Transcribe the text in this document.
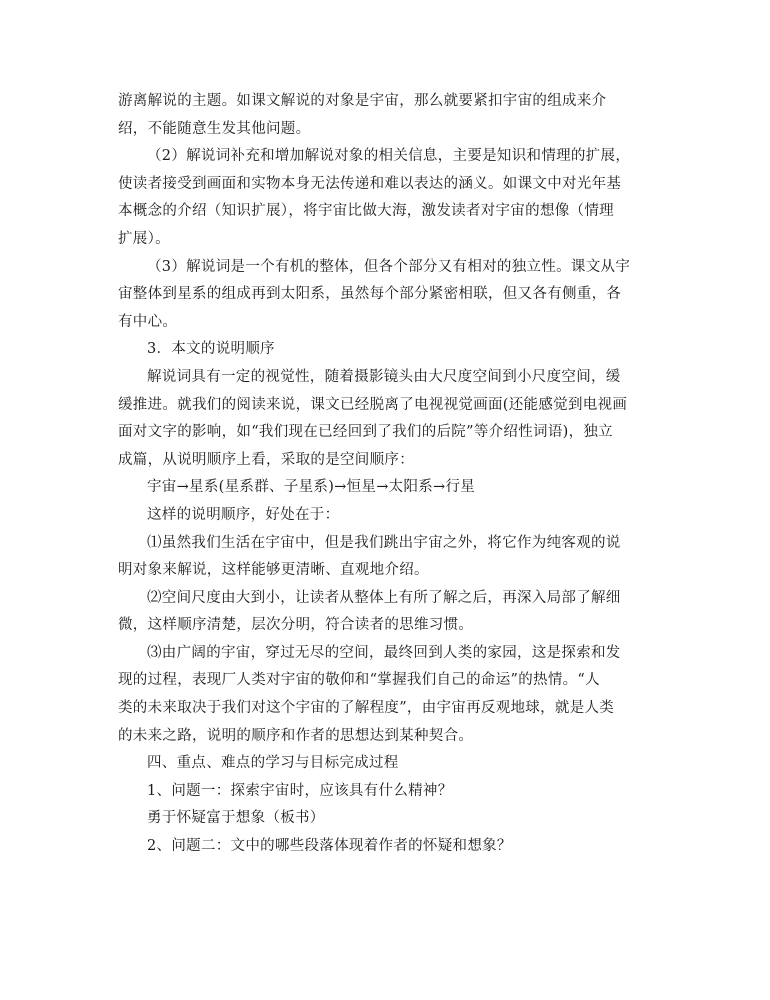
游离解说的主题。如课文解说的对象是宇宙，那么就要紧扣宇宙的组成来介
绍，不能随意生发其他问题。

（2）解说词补充和增加解说对象的相关信息，主要是知识和情理的扩展，
使读者接受到画面和实物本身无法传递和难以表达的涵义。如课文中对光年基
本概念的介绍（知识扩展），将宇宙比做大海，激发读者对宇宙的想像（情理
扩展）。

（3）解说词是一个有机的整体，但各个部分又有相对的独立性。课文从宇
宙整体到星系的组成再到太阳系，虽然每个部分紧密相联，但又各有侧重，各
有中心。

3．本文的说明顺序

解说词具有一定的视觉性，随着摄影镜头由大尺度空间到小尺度空间，缓
缓推进。就我们的阅读来说，课文已经脱离了电视视觉画面(还能感觉到电视画
面对文字的影响，如“我们现在已经回到了我们的后院”等介绍性词语)，独立
成篇，从说明顺序上看，采取的是空间顺序：

宇宙→星系(星系群、子星系)→恒星→太阳系→行星

这样的说明顺序，好处在于：

⑴虽然我们生活在宇宙中，但是我们跳出宇宙之外，将它作为纯客观的说
明对象来解说，这样能够更清晰、直观地介绍。

⑵空间尺度由大到小，让读者从整体上有所了解之后，再深入局部了解细
微，这样顺序清楚，层次分明，符合读者的思维习惯。

⑶由广阔的宇宙，穿过无尽的空间，最终回到人类的家园，这是探索和发
现的过程，表现厂人类对宇宙的敬仰和“掌握我们自己的命运”的热情。“人
类的未来取决于我们对这个宇宙的了解程度”，由宇宙再反观地球，就是人类
的未来之路，说明的顺序和作者的思想达到某种契合。

四、重点、难点的学习与目标完成过程

1、问题一：探索宇宙时，应该具有什么精神？

勇于怀疑富于想象（板书）

2、问题二：文中的哪些段落体现着作者的怀疑和想象？
